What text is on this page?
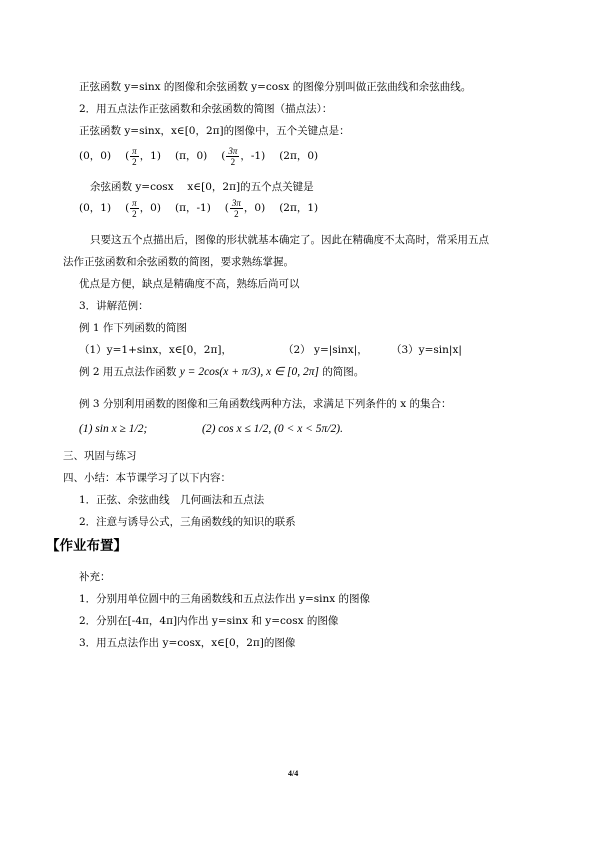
正弦函数 y=sinx 的图像和余弦函数 y=cosx 的图像分别叫做正弦曲线和余弦曲线。
2．用五点法作正弦函数和余弦函数的简图（描点法）：
正弦函数 y=sinx，x∈[0，2π]的图像中，五个关键点是：
(0，0) ( $\frac{\pi}{2}$ ，1) (π，0) ( $\frac{3\pi}{2}$ ，-1) (2π，0)
余弦函数 y=cosx　 x∈[0，2π]的五个点关键是
(0，1) ( $\frac{\pi}{2}$ ，0) (π，-1) ( $\frac{3\pi}{2}$ ，0) (2π，1)
只要这五个点描出后，图像的形状就基本确定了。因此在精确度不太高时，常采用五点
法作正弦函数和余弦函数的简图，要求熟练掌握。
优点是方便，缺点是精确度不高，熟练后尚可以
3．讲解范例：
例 1 作下列函数的简图
（1）y=1+sinx，x∈[0，2π]，	（2） y=|sinx|， （3）y=sin|x|
例 2 用五点法作函数 y = 2cos(x + π/3), x ∈ [0, 2π] 的简图。
例 3 分别利用函数的图像和三角函数线两种方法，求满足下列条件的 x 的集合：
(1) sin x ≥ 1/2;	(2) cos x ≤ 1/2, (0 < x < 5π/2).
三、巩固与练习
四、小结：本节课学习了以下内容：
1．正弦、余弦曲线　几何画法和五点法
2．注意与诱导公式，三角函数线的知识的联系
【作业布置】
补充：
1．分别用单位圆中的三角函数线和五点法作出 y=sinx 的图像
2．分别在[-4π，4π]内作出 y=sinx 和 y=cosx 的图像
3．用五点法作出 y=cosx，x∈[0，2π]的图像
4/4
